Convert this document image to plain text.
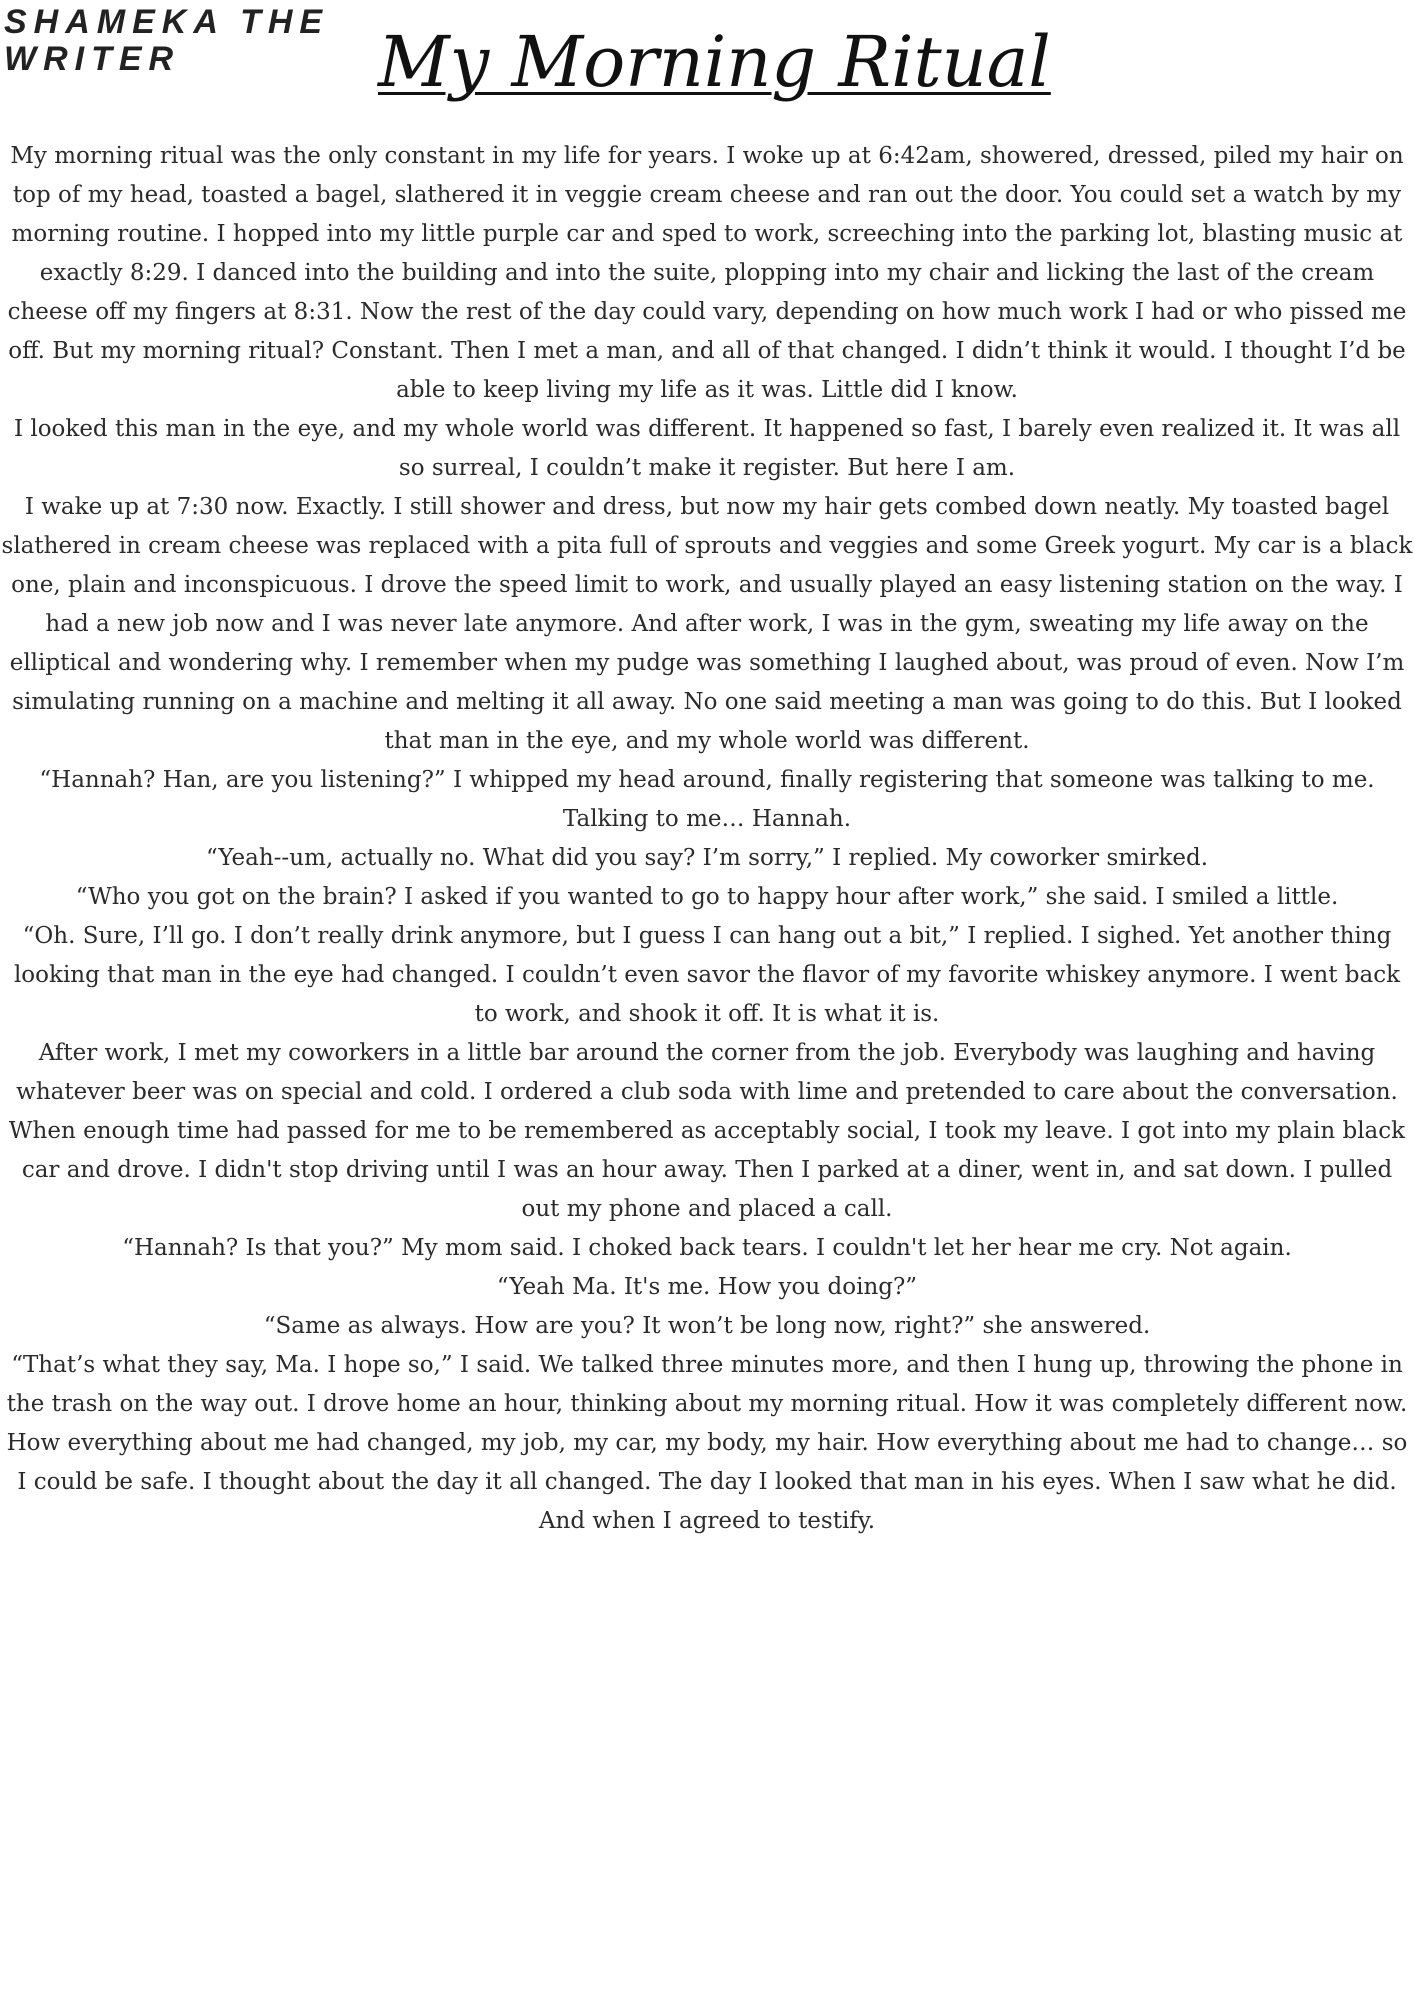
SHAMEKA THE WRITER	My Morning Ritual

My morning ritual was the only constant in my life for years. I woke up at 6:42am, showered, dressed, piled my hair on top of my head, toasted a bagel, slathered it in veggie cream cheese and ran out the door. You could set a watch by my morning routine. I hopped into my little purple car and sped to work, screeching into the parking lot, blasting music at exactly 8:29. I danced into the building and into the suite, plopping into my chair and licking the last of the cream cheese off my fingers at 8:31. Now the rest of the day could vary, depending on how much work I had or who pissed me off. But my morning ritual? Constant. Then I met a man, and all of that changed. I didn’t think it would. I thought I’d be able to keep living my life as it was. Little did I know.

I looked this man in the eye, and my whole world was different. It happened so fast, I barely even realized it. It was all so surreal, I couldn’t make it register. But here I am.

I wake up at 7:30 now. Exactly. I still shower and dress, but now my hair gets combed down neatly. My toasted bagel slathered in cream cheese was replaced with a pita full of sprouts and veggies and some Greek yogurt. My car is a black one, plain and inconspicuous. I drove the speed limit to work, and usually played an easy listening station on the way. I had a new job now and I was never late anymore. And after work, I was in the gym, sweating my life away on the elliptical and wondering why. I remember when my pudge was something I laughed about, was proud of even. Now I’m simulating running on a machine and melting it all away. No one said meeting a man was going to do this. But I looked that man in the eye, and my whole world was different.

“Hannah? Han, are you listening?” I whipped my head around, finally registering that someone was talking to me. Talking to me… Hannah.

“Yeah--um, actually no. What did you say? I’m sorry,” I replied. My coworker smirked.

“Who you got on the brain? I asked if you wanted to go to happy hour after work,” she said. I smiled a little.

“Oh. Sure, I’ll go. I don’t really drink anymore, but I guess I can hang out a bit,” I replied. I sighed. Yet another thing looking that man in the eye had changed. I couldn’t even savor the flavor of my favorite whiskey anymore. I went back to work, and shook it off. It is what it is.

After work, I met my coworkers in a little bar around the corner from the job. Everybody was laughing and having whatever beer was on special and cold. I ordered a club soda with lime and pretended to care about the conversation. When enough time had passed for me to be remembered as acceptably social, I took my leave. I got into my plain black car and drove. I didn't stop driving until I was an hour away. Then I parked at a diner, went in, and sat down. I pulled out my phone and placed a call.

“Hannah? Is that you?” My mom said. I choked back tears. I couldn't let her hear me cry. Not again.

“Yeah Ma. It's me. How you doing?”

“Same as always. How are you? It won’t be long now, right?” she answered.

“That’s what they say, Ma. I hope so,” I said. We talked three minutes more, and then I hung up, throwing the phone in the trash on the way out. I drove home an hour, thinking about my morning ritual. How it was completely different now. How everything about me had changed, my job, my car, my body, my hair. How everything about me had to change… so I could be safe. I thought about the day it all changed. The day I looked that man in his eyes. When I saw what he did. And when I agreed to testify.
